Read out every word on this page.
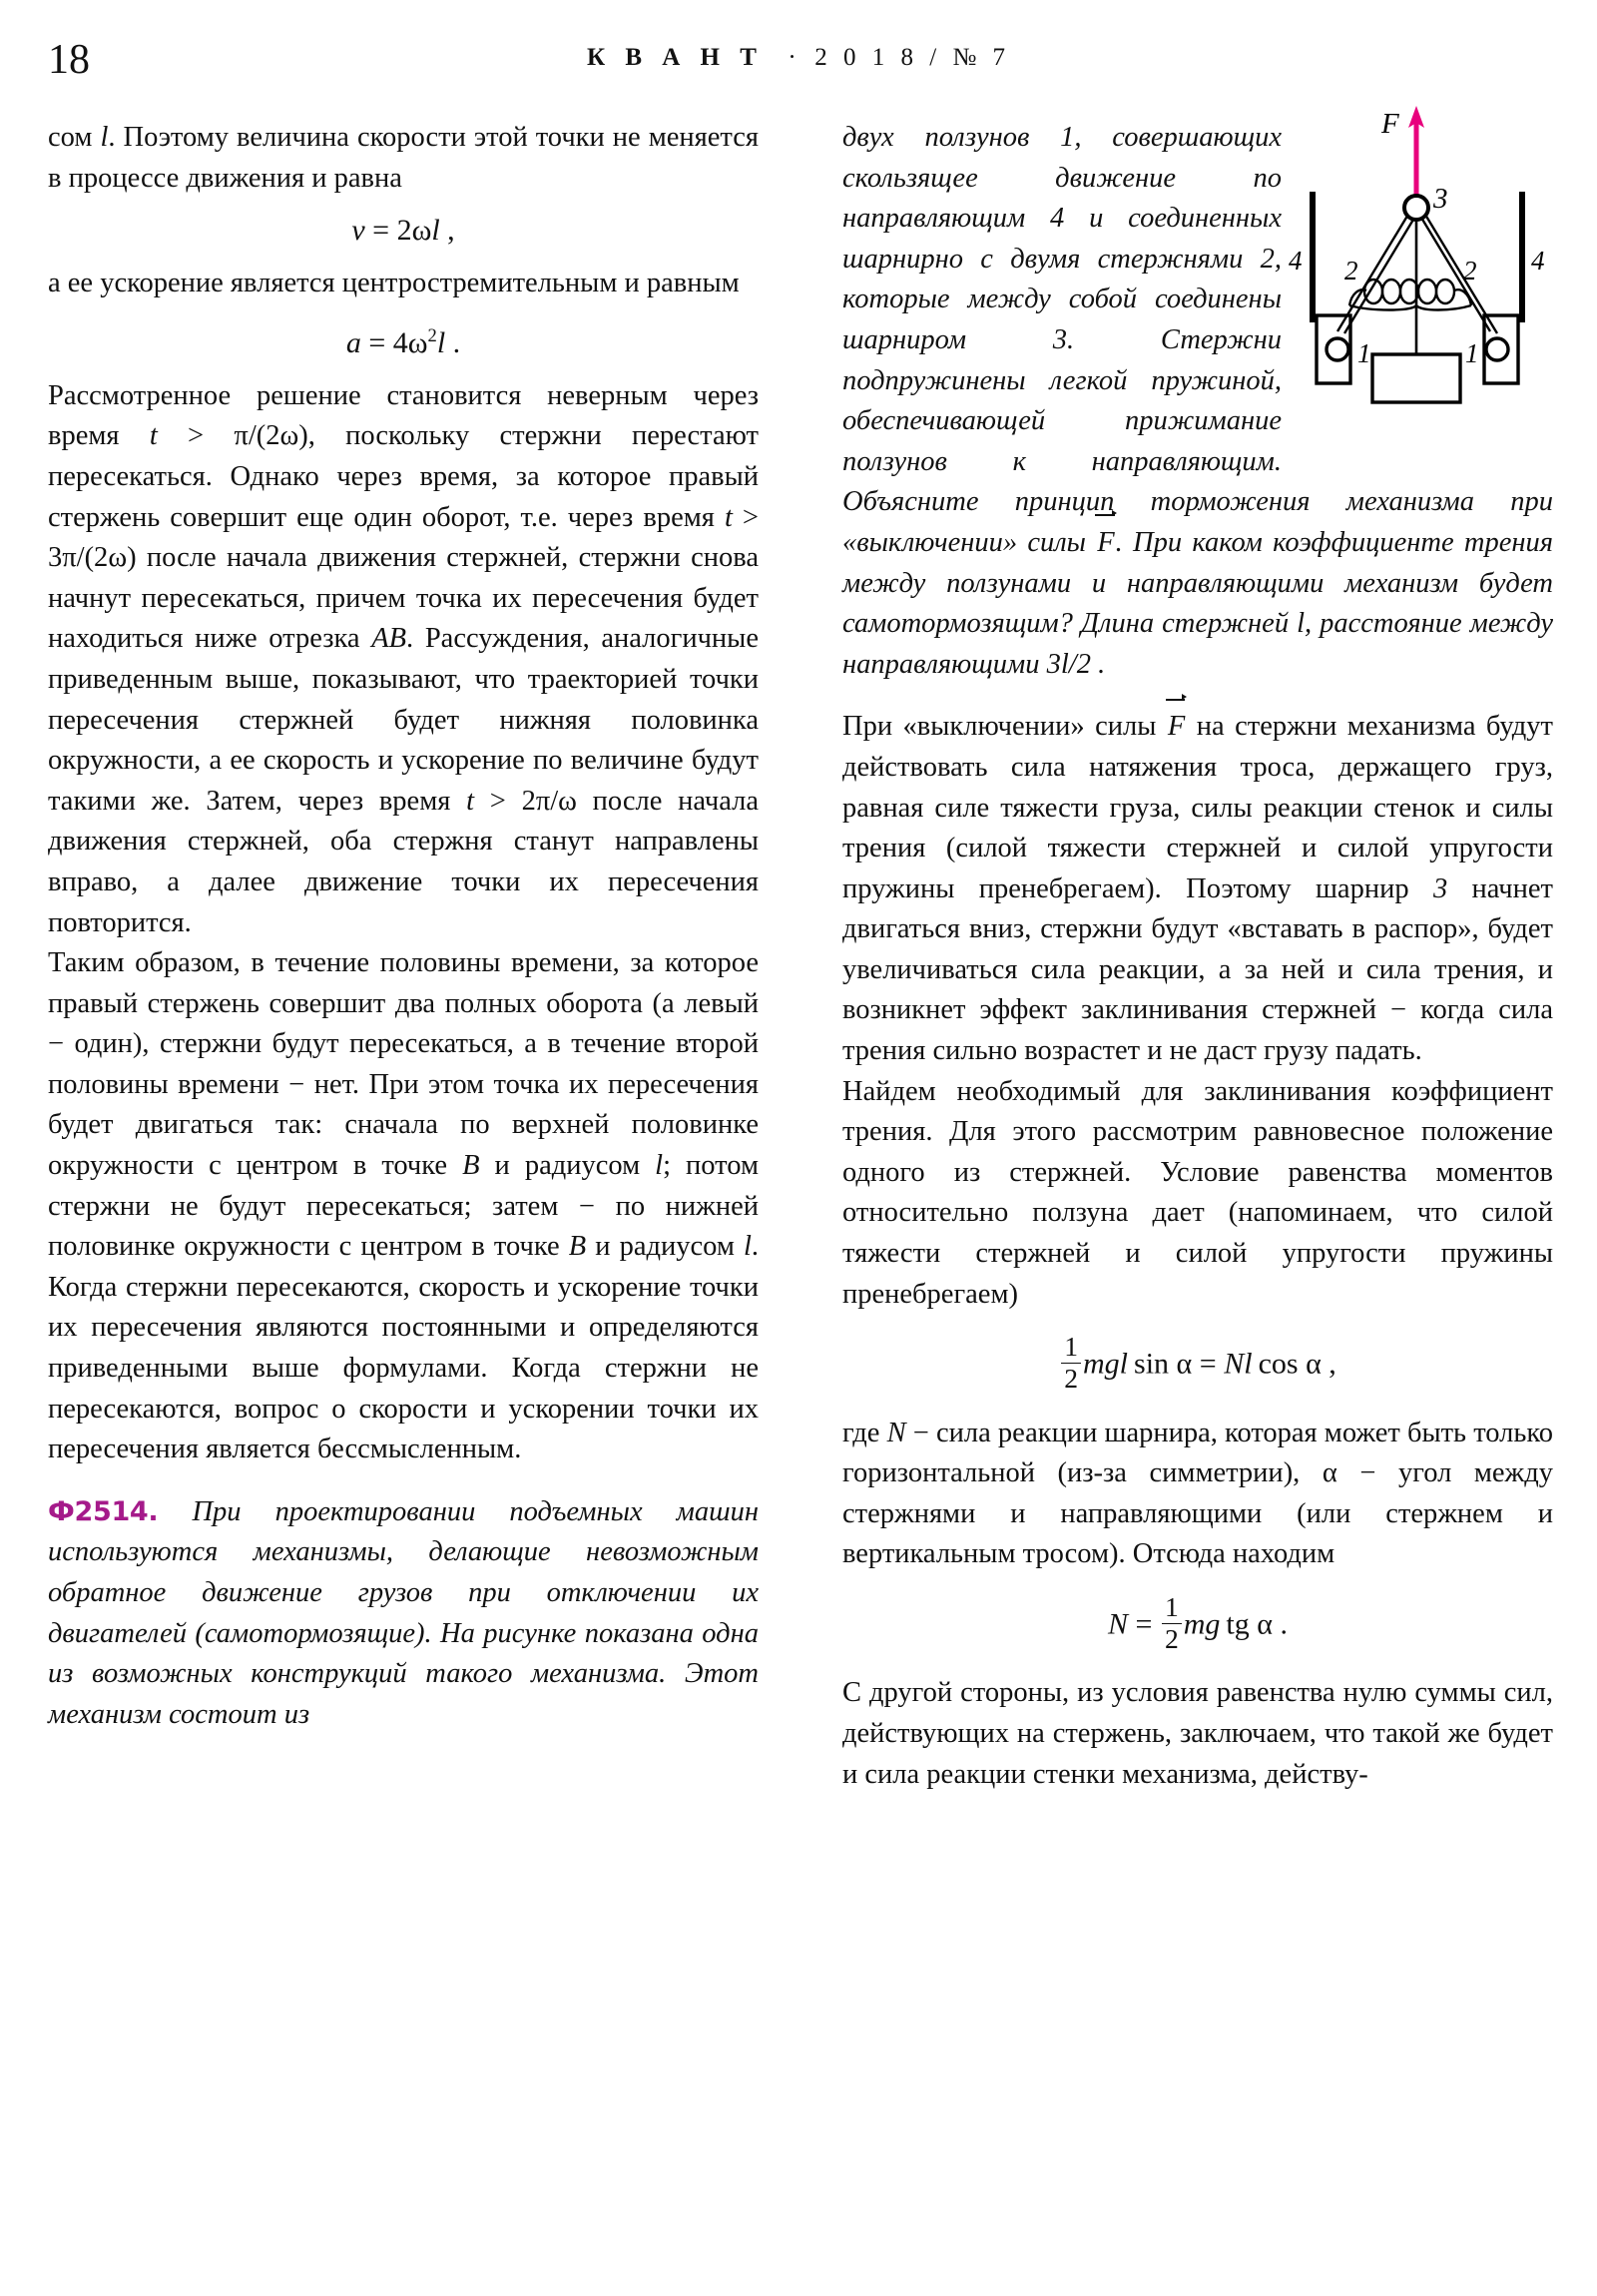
18	К В А Н Т · 2 0 1 8 / № 7

сом l. Поэтому величина скорости этой точки не меняется в процессе движения и равна

v = 2ωl ,

а ее ускорение является центростремительным и равным

$a = 4\omega^2l$ .

Рассмотренное решение становится неверным через время t > π/(2ω), поскольку стержни перестают пересекаться. Однако через время, за которое правый стержень совершит еще один оборот, т.е. через время t > 3π/(2ω) после начала движения стержней, стержни снова начнут пересекаться, причем точка их пересечения будет находиться ниже отрезка AB. Рассуждения, аналогичные приведенным выше, показывают, что траекторией точки пересечения стержней будет нижняя половинка окружности, а ее скорость и ускорение по величине будут такими же. Затем, через время t > 2π/ω после начала движения стержней, оба стержня станут направлены вправо, а далее движение точки их пересечения повторится.

Таким образом, в течение половины времени, за которое правый стержень совершит два полных оборота (а левый − один), стержни будут пересекаться, а в течение второй половины времени − нет. При этом точка их пересечения будет двигаться так: сначала по верхней половинке окружности с центром в точке B и радиусом l; потом стержни не будут пересекаться; затем − по нижней половинке окружности с центром в точке B и радиусом l. Когда стержни пересекаются, скорость и ускорение точки их пересечения являются постоянными и определяются приведенными выше формулами. Когда стержни не пересекаются, вопрос о скорости и ускорении точки их пересечения является бессмысленным.

Ф2514. При проектировании подъемных машин используются механизмы, делающие невозможным обратное движение грузов при отключении их двигателей (самотормозящие). На рисунке показана одна из возможных конструкций такого механизма. Этот механизм состоит из

двух ползунов 1, совершающих скользящее движение по направляющим 4 и соединенных шарнирно с двумя стержнями 2, которые между собой соединены шарниром 3. Стержни подпружинены легкой пружиной, обеспечивающей прижимание ползунов к направляющим. Объясните принцип торможения механизма при «выключении» силы F. При каком коэффициенте трения между ползунами и направляющими механизм будет самотормозящим? Длина стержней l, расстояние между направляющими 3l/2 .

При «выключении» силы F на стержни механизма будут действовать сила натяжения троса, держащего груз, равная силе тяжести груза, силы реакции стенок и силы трения (силой тяжести стержней и силой упругости пружины пренебрегаем). Поэтому шарнир 3 начнет двигаться вниз, стержни будут «вставать в распор», будет увеличиваться сила реакции, а за ней и сила трения, и возникнет эффект заклинивания стержней − когда сила трения сильно возрастет и не даст грузу падать.

Найдем необходимый для заклинивания коэффициент трения. Для этого рассмотрим равновесное положение одного из стержней. Условие равенства моментов относительно ползуна дает (напоминаем, что силой тяжести стержней и силой упругости пружины пренебрегаем)

$\frac{1}{2}$ mgl  sin α = Nl  cos α ,

где N − сила реакции шарнира, которая может быть только горизонтальной (из-за симметрии), α − угол между стержнями и направляющими (или стержнем и вертикальным тросом). Отсюда находим

$N = \frac{1}{2}$ mg  tg α .

С другой стороны, из условия равенства нулю суммы сил, действующих на стержень, заключаем, что такой же будет и сила реакции стенки механизма, действу-

F
3
4	4
2	2
1	1
